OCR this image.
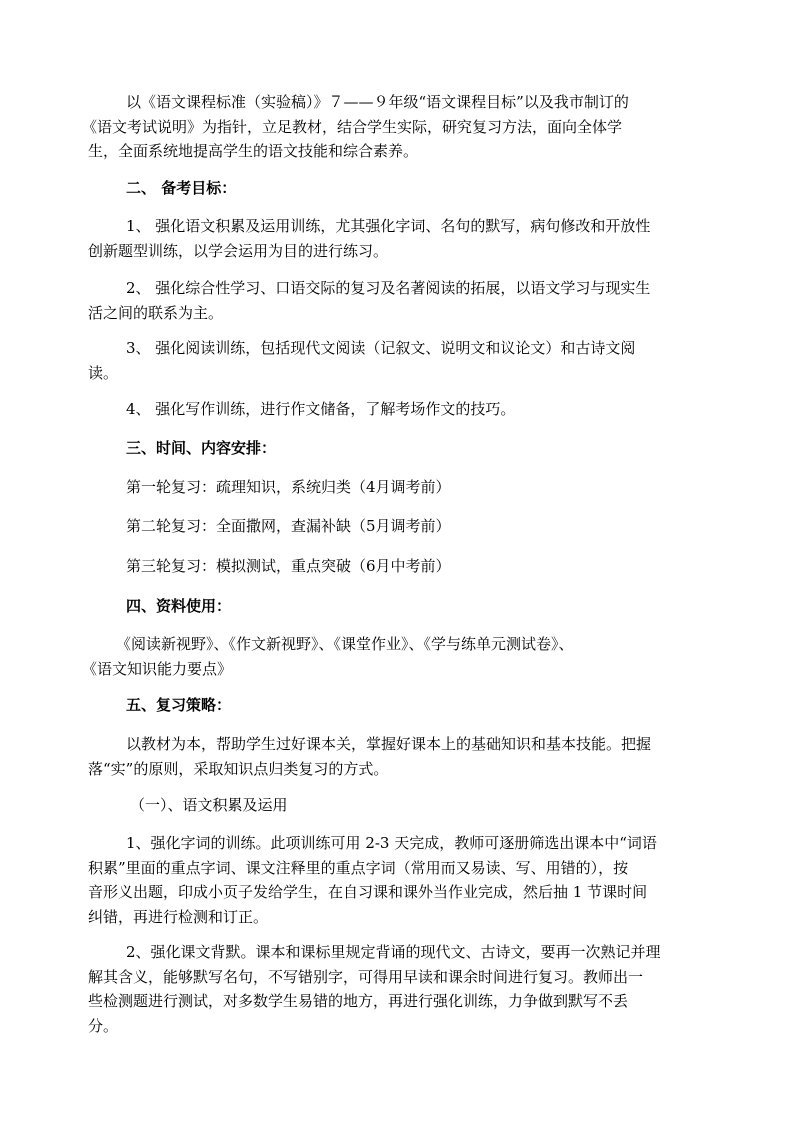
以《语文课程标准（实验稿）》７——９年级“语文课程目标”以及我市制订的
《语文考试说明》为指针，立足教材，结合学生实际，研究复习方法，面向全体学
生，全面系统地提高学生的语文技能和综合素养。

二、 备考目标：

1、 强化语文积累及运用训练，尤其强化字词、名句的默写，病句修改和开放性
创新题型训练，以学会运用为目的进行练习。

2、 强化综合性学习、口语交际的复习及名著阅读的拓展，以语文学习与现实生
活之间的联系为主。

3、 强化阅读训练，包括现代文阅读（记叙文、说明文和议论文）和古诗文阅
读。

4、 强化写作训练，进行作文储备，了解考场作文的技巧。

三、时间、内容安排：

第一轮复习：疏理知识，系统归类（4月调考前）

第二轮复习：全面撒网，查漏补缺（5月调考前）

第三轮复习：模拟测试，重点突破（6月中考前）

四、资料使用：

《阅读新视野》、《作文新视野》、《课堂作业》、《学与练单元测试卷》、
《语文知识能力要点》

五、复习策略：

以教材为本，帮助学生过好课本关，掌握好课本上的基础知识和基本技能。把握
落“实”的原则，采取知识点归类复习的方式。

（一）、语文积累及运用

1、强化字词的训练。此项训练可用 2-3 天完成，教师可逐册筛选出课本中“词语
积累”里面的重点字词、课文注释里的重点字词（常用而又易读、写、用错的），按
音形义出题，印成小页子发给学生，在自习课和课外当作业完成，然后抽 1 节课时间
纠错，再进行检测和订正。

2、强化课文背默。课本和课标里规定背诵的现代文、古诗文，要再一次熟记并理
解其含义，能够默写名句，不写错别字，可得用早读和课余时间进行复习。教师出一
些检测题进行测试，对多数学生易错的地方，再进行强化训练，力争做到默写不丢
分。
